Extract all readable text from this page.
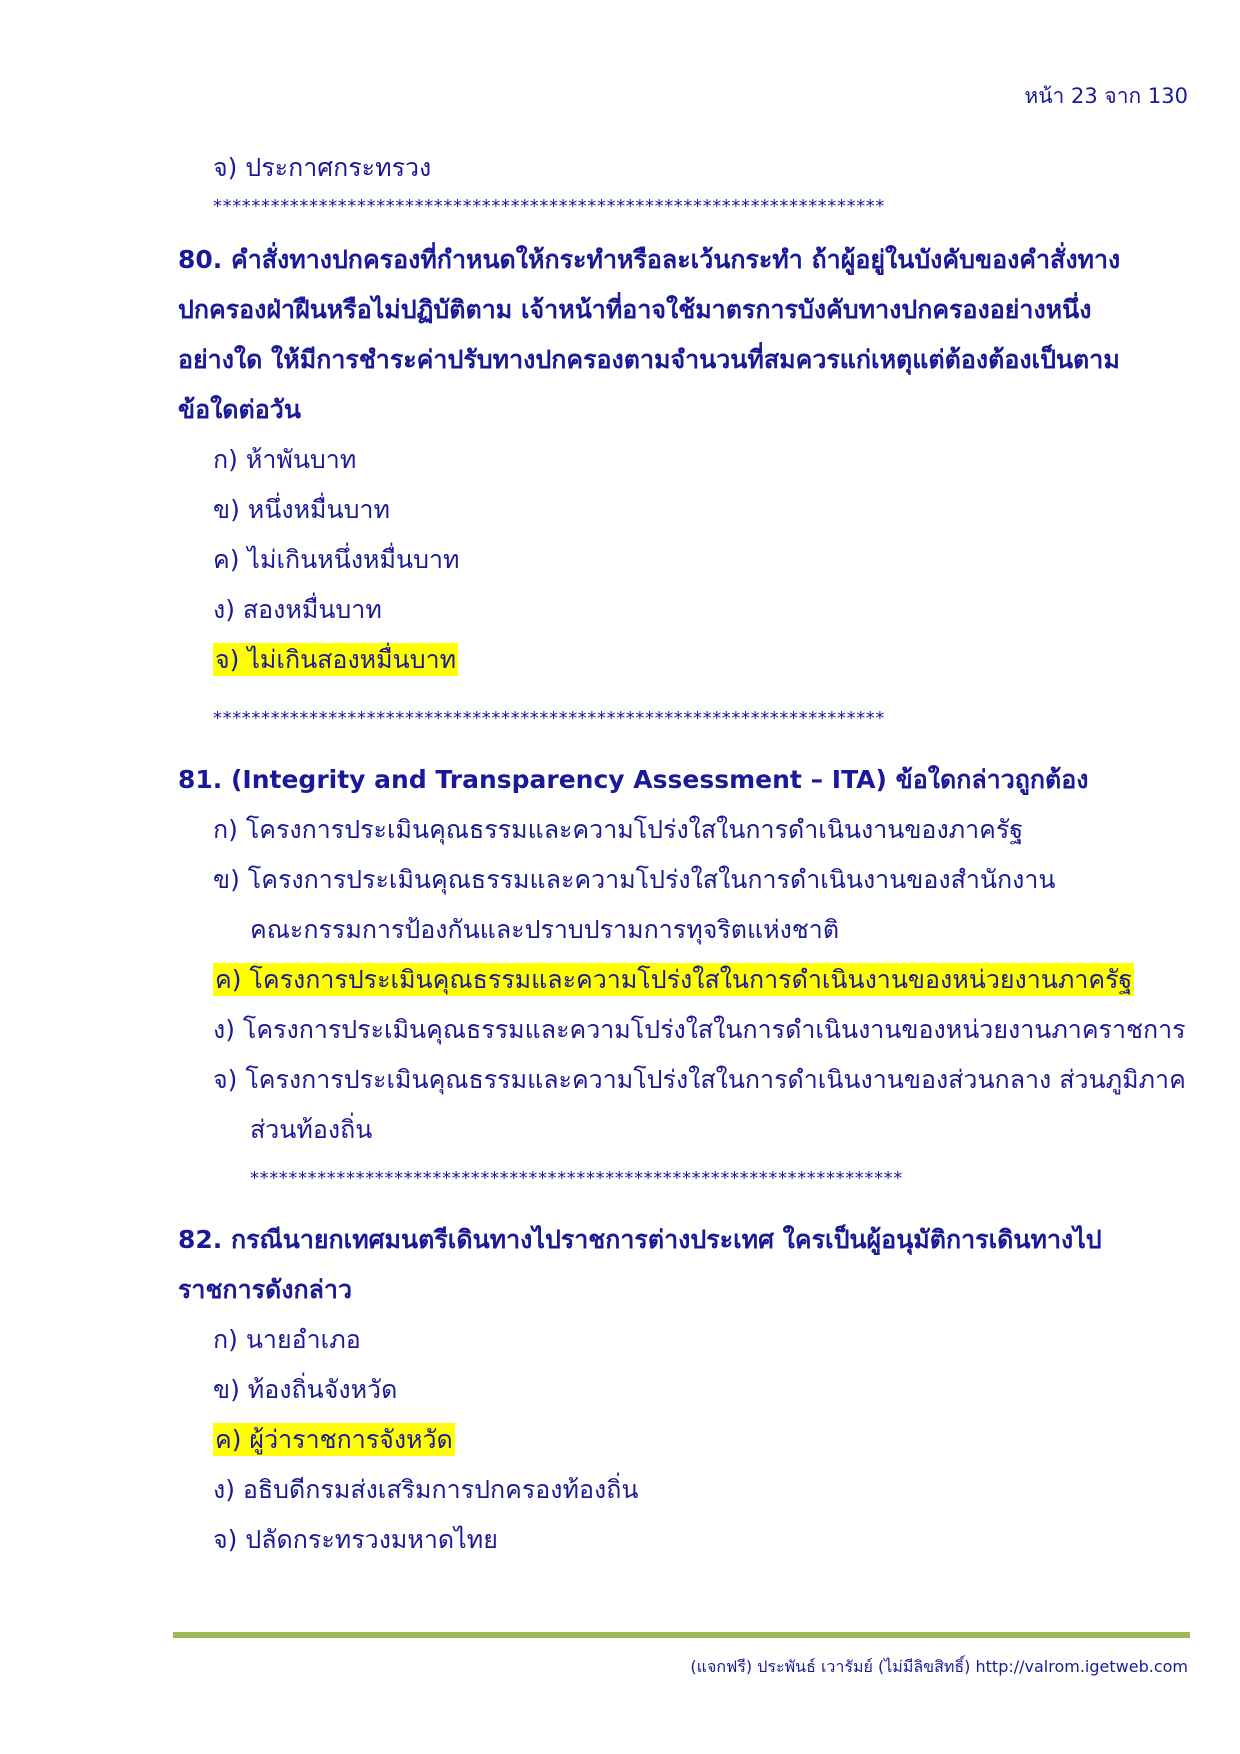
หน้า 23 จาก 130
จ) ประกาศกระทรวง
**********************************************************************
80. คำสั่งทางปกครองที่กำหนดให้กระทำหรือละเว้นกระทำ ถ้าผู้อยู่ในบังคับของคำสั่งทาง
ปกครองฝ่าฝืนหรือไม่ปฏิบัติตาม เจ้าหน้าที่อาจใช้มาตรการบังคับทางปกครองอย่างหนึ่ง
อย่างใด ให้มีการชำระค่าปรับทางปกครองตามจำนวนที่สมควรแก่เหตุแต่ต้องต้องเป็นตาม
ข้อใดต่อวัน
ก) ห้าพันบาท
ข) หนึ่งหมื่นบาท
ค) ไม่เกินหนึ่งหมื่นบาท
ง) สองหมื่นบาท
จ) ไม่เกินสองหมื่นบาท
**********************************************************************
81. (Integrity and Transparency Assessment – ITA) ข้อใดกล่าวถูกต้อง
ก) โครงการประเมินคุณธรรมและความโปร่งใสในการดำเนินงานของภาครัฐ
ข) โครงการประเมินคุณธรรมและความโปร่งใสในการดำเนินงานของสำนักงาน
คณะกรรมการป้องกันและปราบปรามการทุจริตแห่งชาติ
ค) โครงการประเมินคุณธรรมและความโปร่งใสในการดำเนินงานของหน่วยงานภาครัฐ
ง) โครงการประเมินคุณธรรมและความโปร่งใสในการดำเนินงานของหน่วยงานภาคราชการ
จ) โครงการประเมินคุณธรรมและความโปร่งใสในการดำเนินงานของส่วนกลาง ส่วนภูมิภาค
ส่วนท้องถิ่น
********************************************************************
82. กรณีนายกเทศมนตรีเดินทางไปราชการต่างประเทศ ใครเป็นผู้อนุมัติการเดินทางไป
ราชการดังกล่าว
ก) นายอำเภอ
ข) ท้องถิ่นจังหวัด
ค) ผู้ว่าราชการจังหวัด
ง) อธิบดีกรมส่งเสริมการปกครองท้องถิ่น
จ) ปลัดกระทรวงมหาดไทย
(แจกฟรี) ประพันธ์ เวารัมย์ (ไม่มีลิขสิทธิ์) http://valrom.igetweb.com
